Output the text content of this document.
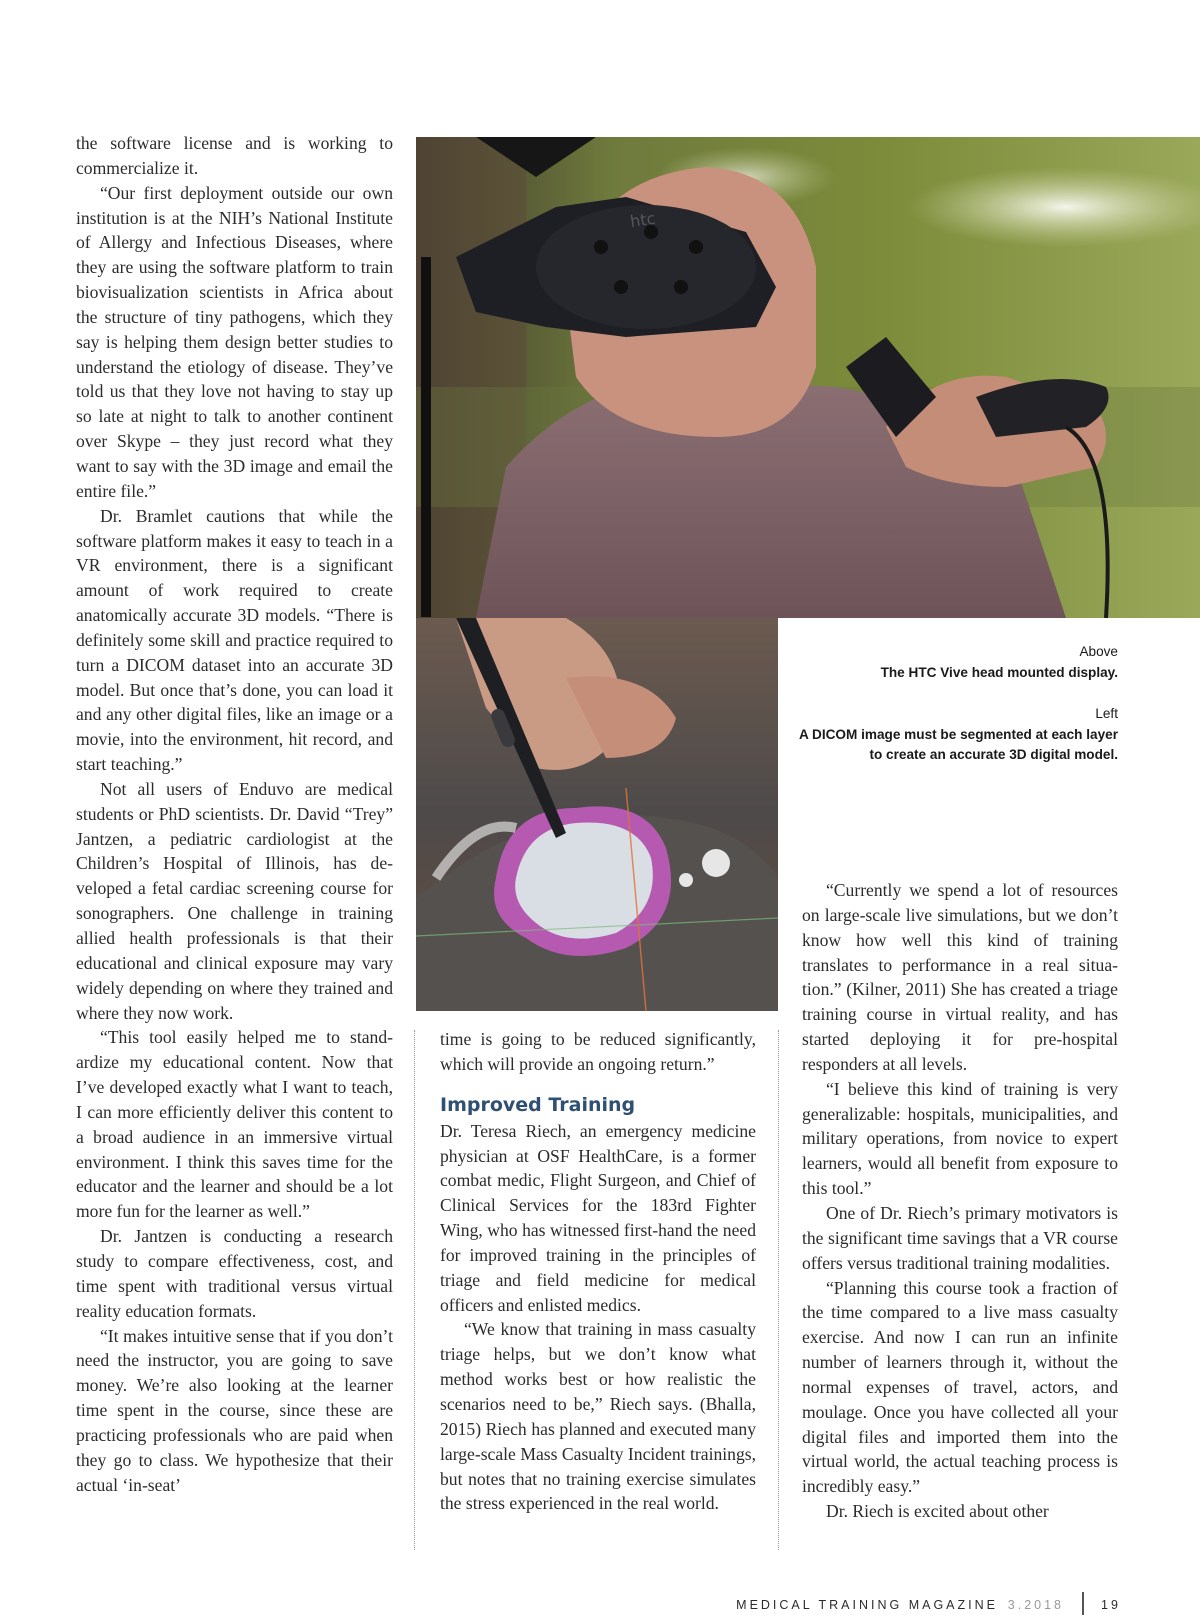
the software license and is working to commercialize it.

“Our first deployment outside our own institution is at the NIH’s National Institute of Allergy and Infectious Diseases, where they are using the software platform to train biovisualization scientists in Africa about the structure of tiny pathogens, which they say is helping them design better studies to understand the etiology of disease. They’ve told us that they love not having to stay up so late at night to talk to another continent over Skype – they just record what they want to say with the 3D image and email the entire file.”

Dr. Bramlet cautions that while the software platform makes it easy to teach in a VR environment, there is a significant amount of work required to create anatomically accurate 3D models. “There is definitely some skill and practice required to turn a DICOM dataset into an accurate 3D model. But once that’s done, you can load it and any other digital files, like an image or a movie, into the environment, hit record, and start teaching.”

Not all users of Enduvo are medical students or PhD scientists. Dr. David “Trey” Jantzen, a pediatric cardiologist at the Children’s Hospital of Illinois, has developed a fetal cardiac screening course for sonographers. One challenge in training allied health professionals is that their educational and clinical exposure may vary widely depending on where they trained and where they now work.

“This tool easily helped me to standardize my educational content. Now that I’ve developed exactly what I want to teach, I can more efficiently deliver this content to a broad audience in an immersive virtual environment. I think this saves time for the educator and the learner and should be a lot more fun for the learner as well.”

Dr. Jantzen is conducting a research study to compare effectiveness, cost, and time spent with traditional versus virtual reality education formats.

“It makes intuitive sense that if you don’t need the instructor, you are going to save money. We’re also looking at the learner time spent in the course, since these are practicing professionals who are paid when they go to class. We hypothesize that their actual ‘in-seat’

htc
Above
The HTC Vive head mounted display.
Left
A DICOM image must be segmented at each layer to create an accurate 3D digital model.

time is going to be reduced significantly, which will provide an ongoing return.”

Improved Training

Dr. Teresa Riech, an emergency medicine physician at OSF HealthCare, is a former combat medic, Flight Surgeon, and Chief of Clinical Services for the 183rd Fighter Wing, who has witnessed first-hand the need for improved training in the principles of triage and field medicine for medical officers and enlisted medics.

“We know that training in mass casualty triage helps, but we don’t know what method works best or how realistic the scenarios need to be,” Riech says. (Bhalla, 2015) Riech has planned and executed many large-scale Mass Casualty Incident trainings, but notes that no training exercise simulates the stress experienced in the real world.

“Currently we spend a lot of resources on large-scale live simulations, but we don’t know how well this kind of training translates to performance in a real situation.” (Kilner, 2011) She has created a triage training course in virtual reality, and has started deploying it for pre-hospital responders at all levels.

“I believe this kind of training is very generalizable: hospitals, municipalities, and military operations, from novice to expert learners, would all benefit from exposure to this tool.”

One of Dr. Riech’s primary motivators is the significant time savings that a VR course offers versus traditional training modalities.

“Planning this course took a fraction of the time compared to a live mass casualty exercise. And now I can run an infinite number of learners through it, without the normal expenses of travel, actors, and moulage. Once you have collected all your digital files and imported them into the virtual world, the actual teaching process is incredibly easy.”

Dr. Riech is excited about other

MEDICAL TRAINING MAGAZINE 3.2018	19
